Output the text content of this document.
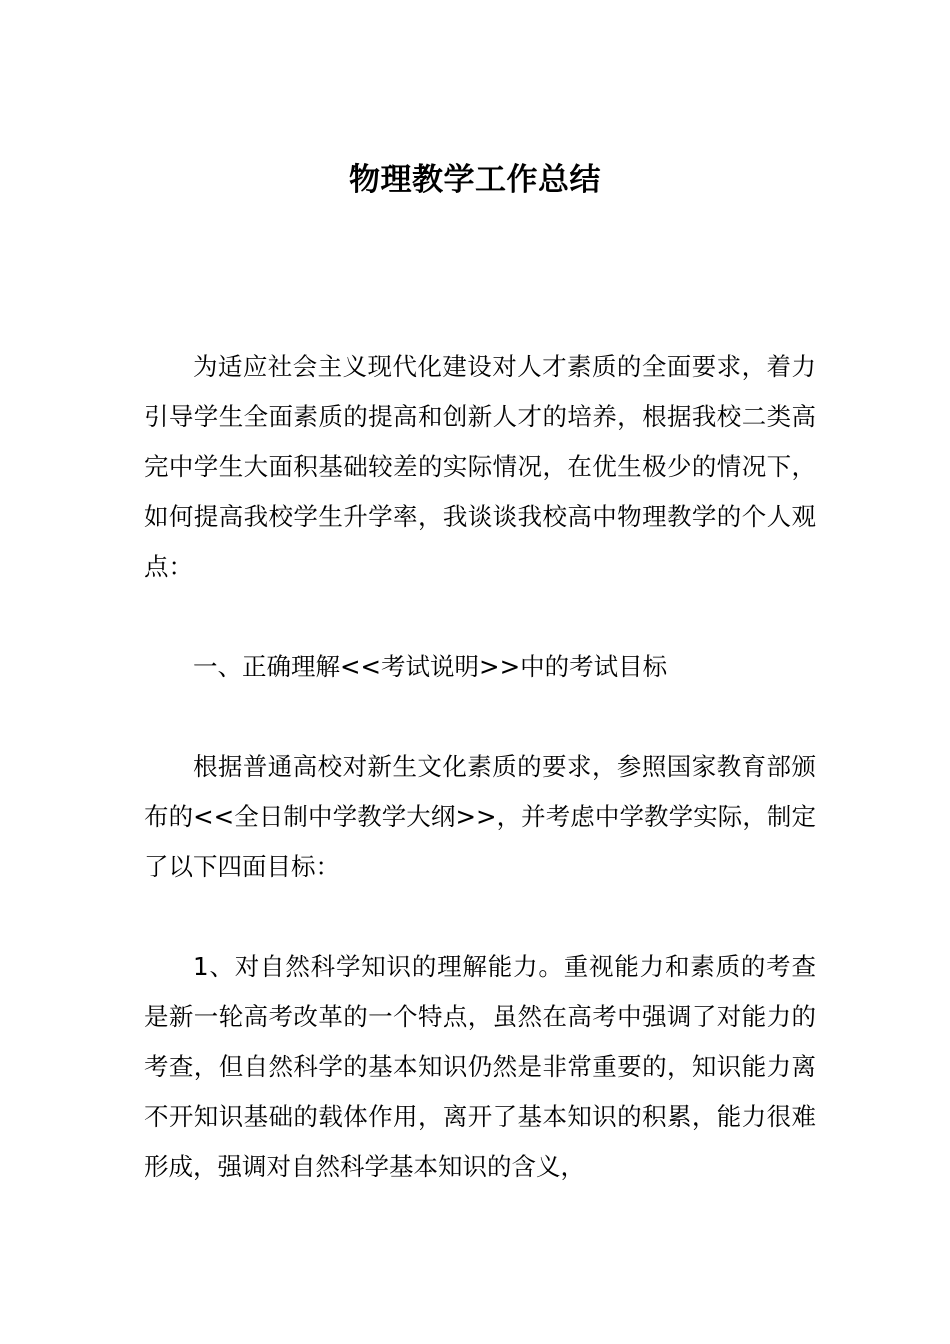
物理教学工作总结

为适应社会主义现代化建设对人才素质的全面要求，着力引导学生全面素质的提高和创新人才的培养，根据我校二类高完中学生大面积基础较差的实际情况，在优生极少的情况下，如何提高我校学生升学率，我谈谈我校高中物理教学的个人观点：

一、正确理解<<考试说明>>中的考试目标

根据普通高校对新生文化素质的要求，参照国家教育部颁布的<<全日制中学教学大纲>>，并考虑中学教学实际，制定了以下四面目标：

1、对自然科学知识的理解能力。重视能力和素质的考查是新一轮高考改革的一个特点，虽然在高考中强调了对能力的考查，但自然科学的基本知识仍然是非常重要的，知识能力离不开知识基础的载体作用，离开了基本知识的积累，能力很难形成，强调对自然科学基本知识的含义，
